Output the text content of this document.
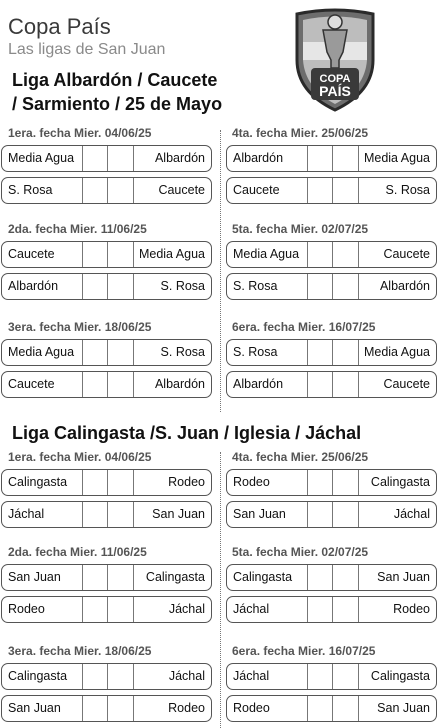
Copa País
Las ligas de San Juan
COPA
PAÍS
Liga Albardón / Caucete
/ Sarmiento / 25 de Mayo
1era. fecha Mier. 04/06/25
Media Agua	Albardón
S. Rosa	Caucete
4ta. fecha Mier. 25/06/25
Albardón	Media Agua
Caucete	S. Rosa
2da. fecha Mier. 11/06/25
Caucete	Media Agua
Albardón	S. Rosa
5ta. fecha Mier. 02/07/25
Media Agua	Caucete
S. Rosa	Albardón
3era. fecha Mier. 18/06/25
Media Agua	S. Rosa
Caucete	Albardón
6era. fecha Mier. 16/07/25
S. Rosa	Media Agua
Albardón	Caucete
Liga Calingasta /S. Juan / Iglesia / Jáchal
1era. fecha Mier. 04/06/25
Calingasta	Rodeo
Jáchal	San Juan
4ta. fecha Mier. 25/06/25
Rodeo	Calingasta
San Juan	Jáchal
2da. fecha Mier. 11/06/25
San Juan	Calingasta
Rodeo	Jáchal
5ta. fecha Mier. 02/07/25
Calingasta	San Juan
Jáchal	Rodeo
3era. fecha Mier. 18/06/25
Calingasta	Jáchal
San Juan	Rodeo
6era. fecha Mier. 16/07/25
Jáchal	Calingasta
Rodeo	San Juan
